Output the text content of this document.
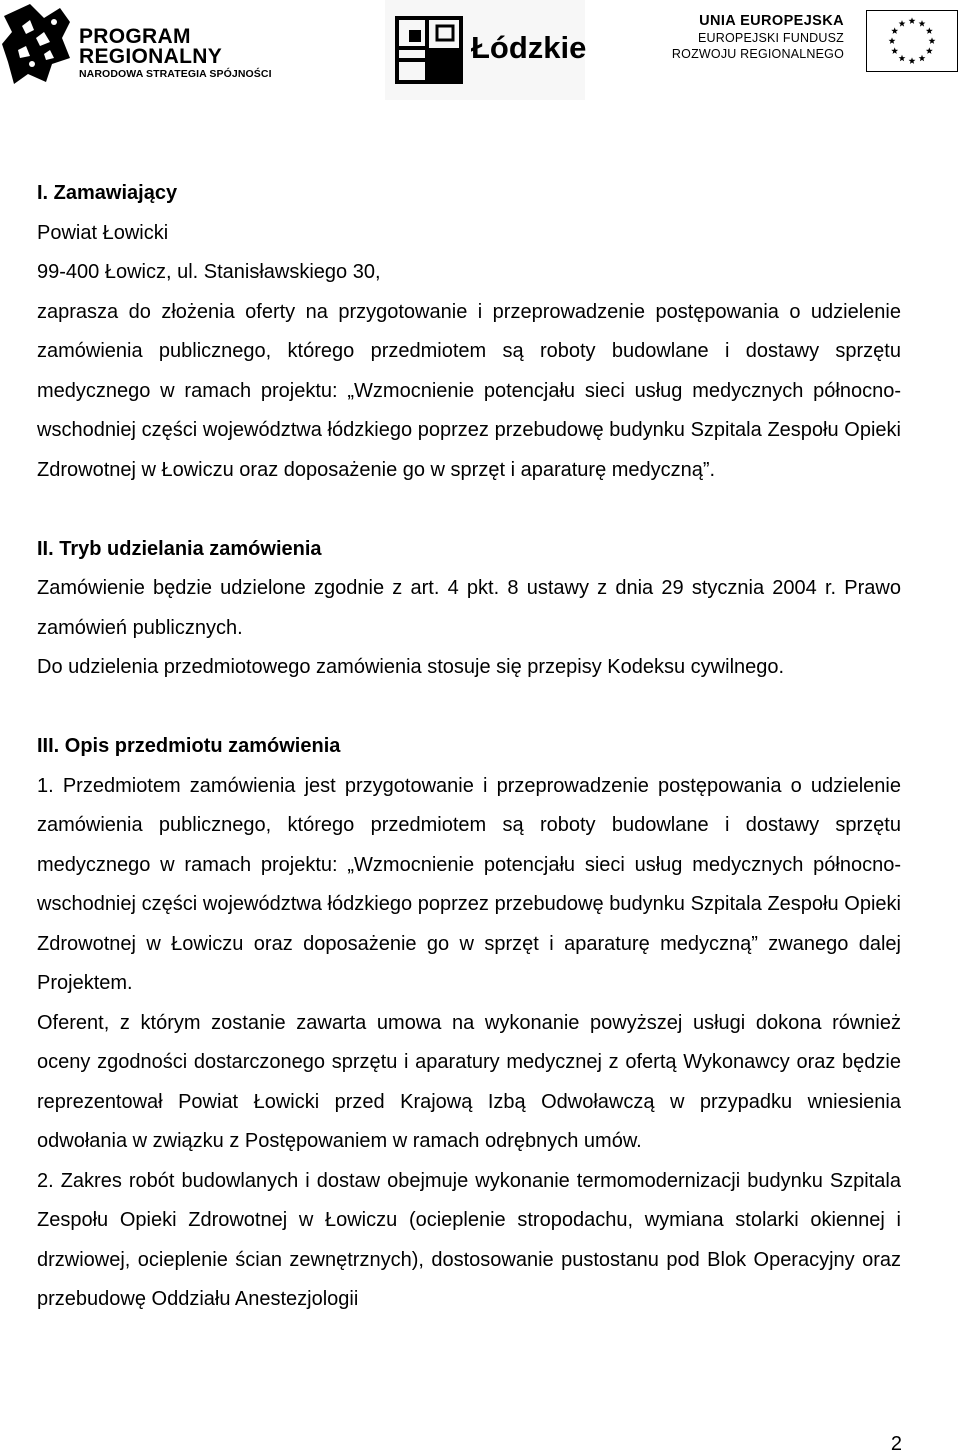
PROGRAM
REGIONALNY
NARODOWA STRATEGIA SPÓJNOŚCI
Łódzkie
UNIA EUROPEJSKA
EUROPEJSKI FUNDUSZ
ROZWOJU REGIONALNEGO

I. Zamawiający

Powiat Łowicki

99-400 Łowicz, ul. Stanisławskiego 30,

zaprasza do złożenia oferty na przygotowanie i przeprowadzenie postępowania o udzielenie zamówienia publicznego, którego przedmiotem są roboty budowlane i dostawy sprzętu medycznego w ramach projektu: „Wzmocnienie potencjału sieci usług medycznych północno-wschodniej części województwa łódzkiego poprzez przebudowę budynku Szpitala Zespołu Opieki Zdrowotnej w Łowiczu oraz doposażenie go w sprzęt i aparaturę medyczną”.

II. Tryb udzielania zamówienia

Zamówienie będzie udzielone zgodnie z art. 4 pkt. 8 ustawy z dnia 29 stycznia 2004 r. Prawo zamówień publicznych.

Do udzielenia przedmiotowego zamówienia stosuje się przepisy Kodeksu cywilnego.

III. Opis przedmiotu zamówienia

1. Przedmiotem zamówienia jest przygotowanie i przeprowadzenie postępowania o udzielenie zamówienia publicznego, którego przedmiotem są roboty budowlane i dostawy sprzętu medycznego w ramach projektu: „Wzmocnienie potencjału sieci usług medycznych północno-wschodniej części województwa łódzkiego poprzez przebudowę budynku Szpitala Zespołu Opieki Zdrowotnej w Łowiczu oraz doposażenie go w sprzęt i aparaturę medyczną” zwanego dalej Projektem.

Oferent, z którym zostanie zawarta umowa na wykonanie powyższej usługi dokona również oceny zgodności dostarczonego sprzętu i aparatury medycznej z ofertą Wykonawcy oraz będzie reprezentował Powiat Łowicki przed Krajową Izbą Odwoławczą w przypadku wniesienia odwołania w związku z Postępowaniem w ramach odrębnych umów.

2. Zakres robót budowlanych i dostaw obejmuje wykonanie termomodernizacji budynku Szpitala Zespołu Opieki Zdrowotnej w Łowiczu (ocieplenie stropodachu, wymiana stolarki okiennej i drzwiowej, ocieplenie ścian zewnętrznych), dostosowanie pustostanu pod Blok Operacyjny oraz przebudowę Oddziału Anestezjologii

2
